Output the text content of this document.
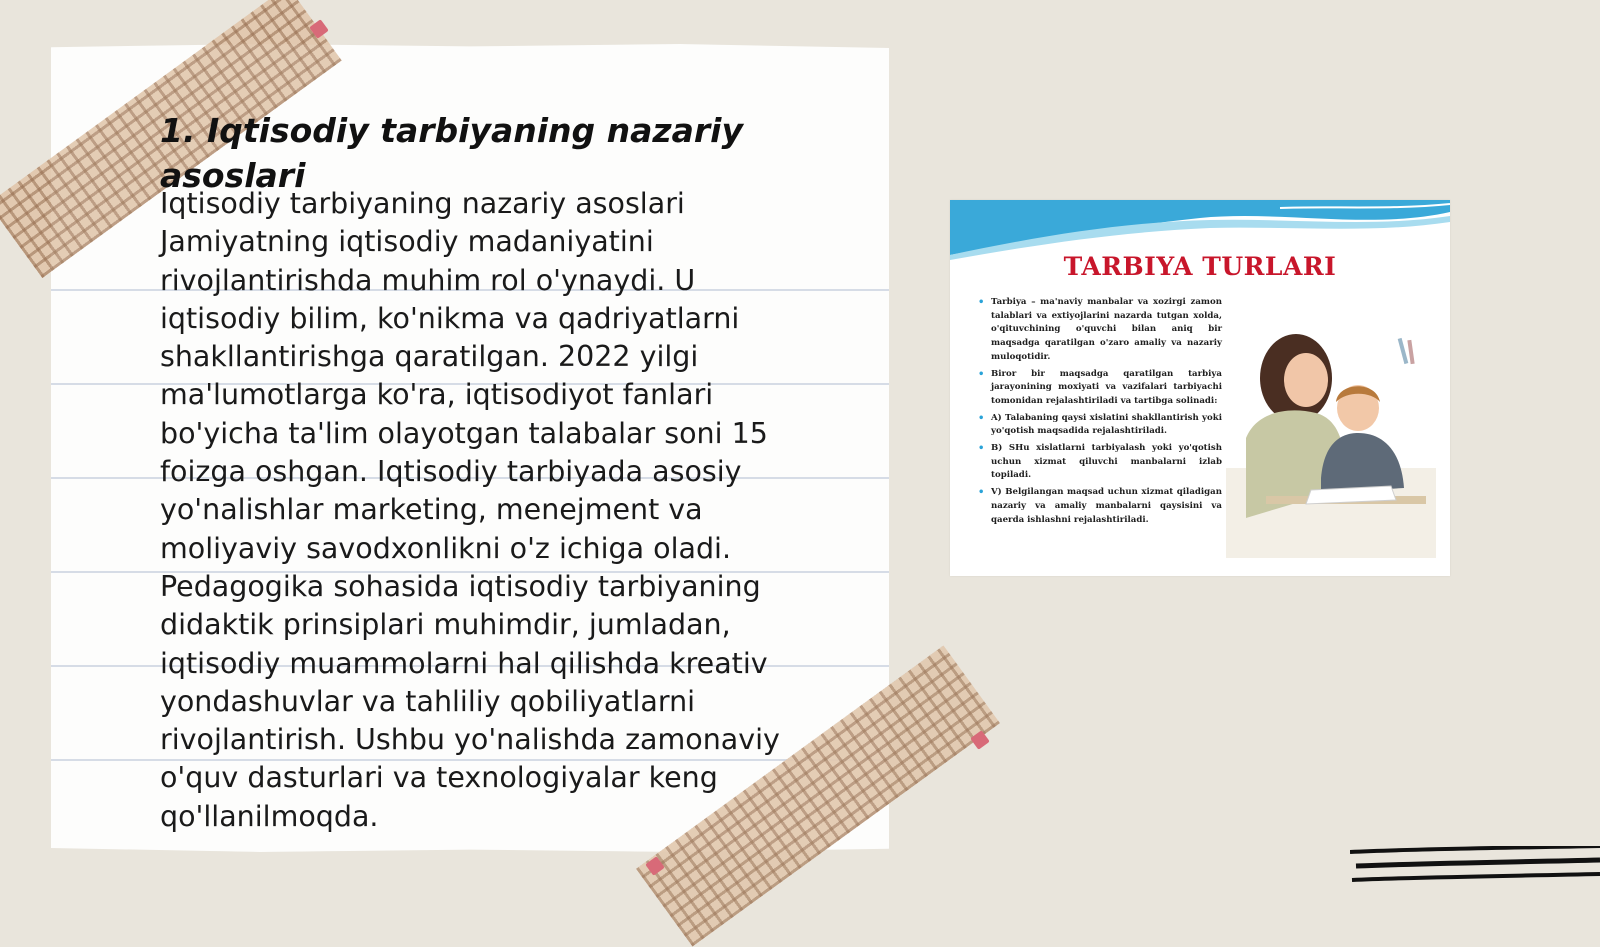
1. Iqtisodiy tarbiyaning nazariy asoslari

Iqtisodiy tarbiyaning nazariy asoslari Jamiyatning iqtisodiy madaniyatini rivojlantirishda muhim rol o'ynaydi. U iqtisodiy bilim, ko'nikma va qadriyatlarni shakllantirishga qaratilgan. 2022 yilgi ma'lumotlarga ko'ra, iqtisodiyot fanlari bo'yicha ta'lim olayotgan talabalar soni 15 foizga oshgan. Iqtisodiy tarbiyada asosiy yo'nalishlar marketing, menejment va moliyaviy savodxonlikni o'z ichiga oladi. Pedagogika sohasida iqtisodiy tarbiyaning didaktik prinsiplari muhimdir, jumladan, iqtisodiy muammolarni hal qilishda kreativ yondashuvlar va tahliliy qobiliyatlarni rivojlantirish. Ushbu yo'nalishda zamonaviy o'quv dasturlari va texnologiyalar keng qo'llanilmoqda.

TARBIYA TURLARI
• Tarbiya – ma'naviy manbalar va xozirgi zamon talablari va extiyojlarini nazarda tutgan xolda, o'qituvchining o'quvchi bilan aniq bir maqsadga qaratilgan o'zaro amaliy va nazariy muloqotidir.
• Biror bir maqsadga qaratilgan tarbiya jarayonining moxiyati va vazifalari tarbiyachi tomonidan rejalashtiriladi va tartibga solinadi:
• A) Talabaning qaysi xislatini shakllantirish yoki yo'qotish maqsadida rejalashtiriladi.
• B) SHu xislatlarni tarbiyalash yoki yo'qotish uchun xizmat qiluvchi manbalarni izlab topiladi.
• V) Belgilangan maqsad uchun xizmat qiladigan nazariy va amaliy manbalarni qaysisini va qaerda ishlashni rejalashtiriladi.
